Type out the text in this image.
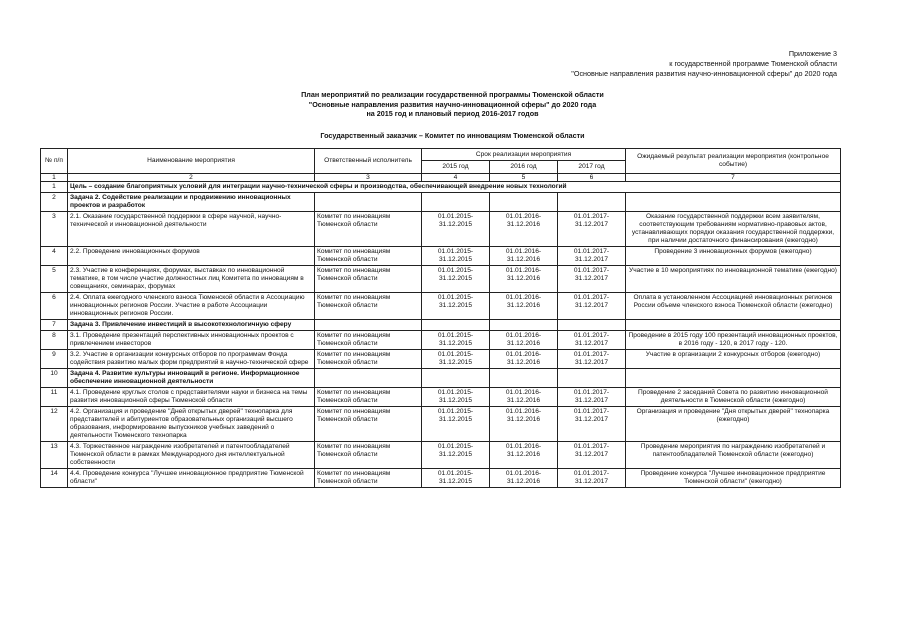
Приложение 3
к государственной программе Тюменской области
"Основные направления развития научно-инновационной сферы" до 2020 года
План мероприятий по реализации государственной программы Тюменской области
"Основные направления развития научно-инновационной сферы" до 2020 года
на 2015 год и плановый период 2016-2017 годов
Государственный заказчик – Комитет по инновациям Тюменской области
№ п/п	Наименование мероприятия	Ответственный исполнитель	Срок реализации мероприятия			Ожидаемый результат реализации мероприятия (контрольное событие)
			2015 год	2016 год	2017 год	
1	2	3	4	5	6	7
1	Цель – создание благоприятных условий для интеграции научно-технической сферы и производства, обеспечивающей внедрение новых технологий					
2	Задача 2. Содействие реализации и продвижению инновационных проектов и разработок					
3	2.1. Оказание государственной поддержки в сфере научной, научно-технической и инновационной деятельности	Комитет по инновациям Тюменской области	01.01.2015-31.12.2015	01.01.2016-31.12.2016	01.01.2017-31.12.2017	Оказание государственной поддержки всем заявителям, соответствующим требованиям нормативно-правовых актов, устанавливающих порядки оказания государственной поддержки, при наличии достаточного финансирования (ежегодно)
4	2.2. Проведение инновационных форумов	Комитет по инновациям Тюменской области	01.01.2015-31.12.2015	01.01.2016-31.12.2016	01.01.2017-31.12.2017	Проведение 3 инновационных форумов (ежегодно)
5	2.3. Участие в конференциях, форумах, выставках по инновационной тематике, в том числе участие должностных лиц Комитета по инновациям в совещаниях, семинарах, форумах	Комитет по инновациям Тюменской области	01.01.2015-31.12.2015	01.01.2016-31.12.2016	01.01.2017-31.12.2017	Участие в 10 мероприятиях по инновационной тематике (ежегодно)
6	2.4. Оплата ежегодного членского взноса Тюменской области в Ассоциацию инновационных регионов России. Участие в работе Ассоциации инновационных регионов России.	Комитет по инновациям Тюменской области	01.01.2015-31.12.2015	01.01.2016-31.12.2016	01.01.2017-31.12.2017	Оплата в установленном Ассоциацией инновационных регионов России объеме членского взноса Тюменской области (ежегодно)
7	Задача 3. Привлечение инвестиций в высокотехнологичную сферу					
8	3.1. Проведение презентаций перспективных инновационных проектов с привлечением инвесторов	Комитет по инновациям Тюменской области	01.01.2015-31.12.2015	01.01.2016-31.12.2016	01.01.2017-31.12.2017	Проведение в 2015 году 100 презентаций инновационных проектов, в 2016 году - 120, в 2017 году - 120.
9	3.2. Участие в организации конкурсных отборов по программам Фонда содействия развитию малых форм предприятий в научно-технической сфере	Комитет по инновациям Тюменской области	01.01.2015-31.12.2015	01.01.2016-31.12.2016	01.01.2017-31.12.2017	Участие в организации 2 конкурсных отборов (ежегодно)
10	Задача 4. Развитие культуры инноваций в регионе. Информационное обеспечение инновационной деятельности					
11	4.1. Проведение круглых столов с представителями науки и бизнеса на темы развития инновационной сферы Тюменской области	Комитет по инновациям Тюменской области	01.01.2015-31.12.2015	01.01.2016-31.12.2016	01.01.2017-31.12.2017	Проведение 2 заседаний Совета по развитию инновационной деятельности в Тюменской области (ежегодно)
12	4.2. Организация и проведение "Дней открытых дверей" технопарка для представителей и абитуриентов образовательных организаций высшего образования, информирование выпускников учебных заведений о деятельности Тюменского технопарка	Комитет по инновациям Тюменской области	01.01.2015-31.12.2015	01.01.2016-31.12.2016	01.01.2017-31.12.2017	Организация и проведение "Дня открытых дверей" технопарка (ежегодно)
13	4.3. Торжественное награждение изобретателей и патентообладателей Тюменской области в рамках Международного дня интеллектуальной собственности	Комитет по инновациям Тюменской области	01.01.2015-31.12.2015	01.01.2016-31.12.2016	01.01.2017-31.12.2017	Проведение мероприятия по награждению изобретателей и патентообладателей Тюменской области (ежегодно)
14	4.4. Проведение конкурса "Лучшее инновационное предприятие Тюменской области"	Комитет по инновациям Тюменской области	01.01.2015-31.12.2015	01.01.2016-31.12.2016	01.01.2017-31.12.2017	Проведение конкурса "Лучшее инновационное предприятие Тюменской области" (ежегодно)
